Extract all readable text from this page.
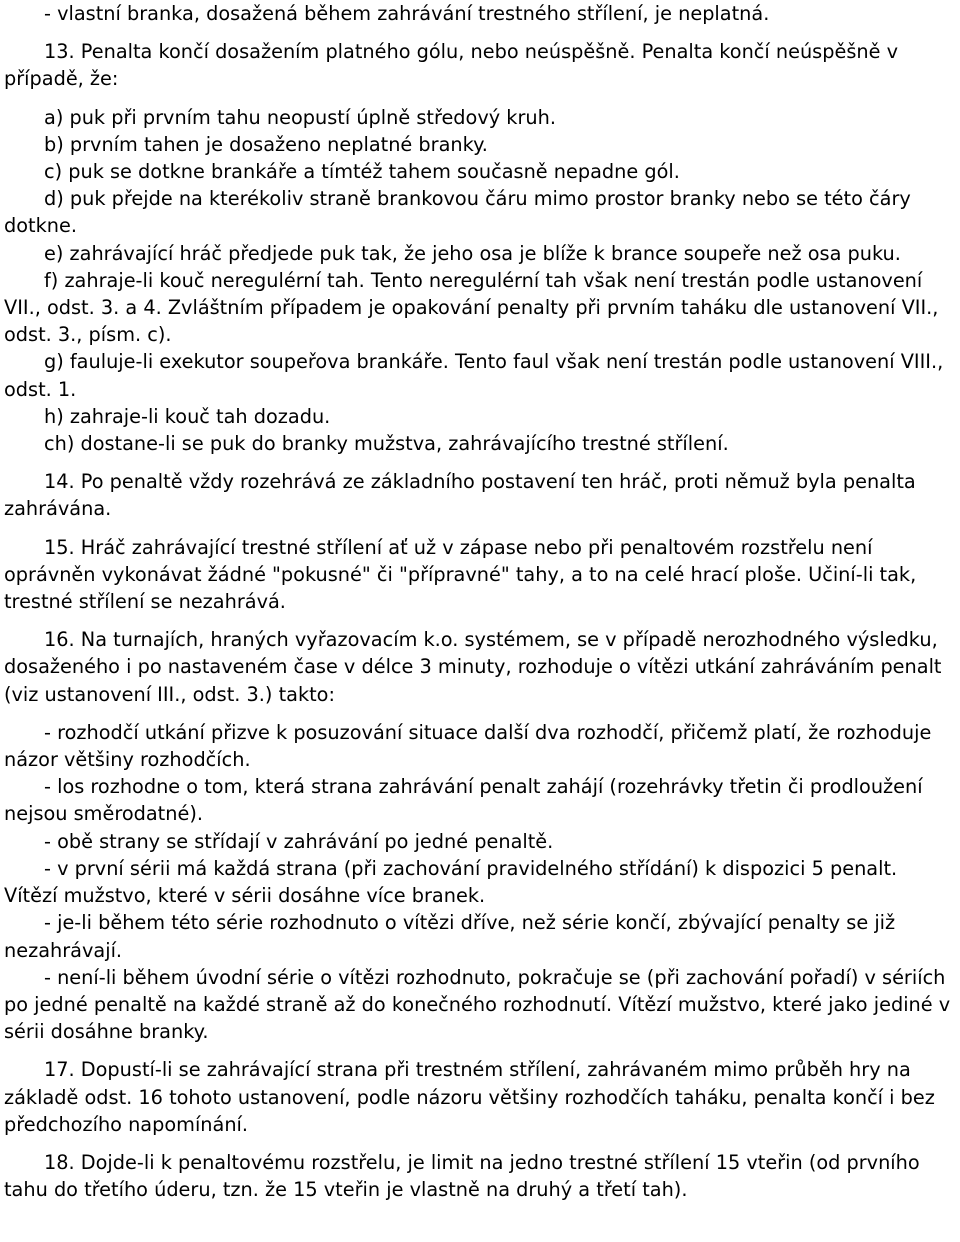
- vlastní branka, dosažená během zahrávání trestného střílení, je neplatná.

13. Penalta končí dosažením platného gólu, nebo neúspěšně. Penalta končí neúspěšně v případě, že:

a) puk při prvním tahu neopustí úplně středový kruh.

b) prvním tahen je dosaženo neplatné branky.

c) puk se dotkne brankáře a tímtéž tahem současně nepadne gól.

d) puk přejde na kterékoliv straně brankovou čáru mimo prostor branky nebo se této čáry dotkne.

e) zahrávající hráč předjede puk tak, že jeho osa je blíže k brance soupeře než osa puku.

f) zahraje-li kouč neregulérní tah. Tento neregulérní tah však není trestán podle ustanovení VII., odst. 3. a 4. Zvláštním případem je opakování penalty při prvním taháku dle ustanovení VII., odst. 3., písm. c).

g) fauluje-li exekutor soupeřova brankáře. Tento faul však není trestán podle ustanovení VIII., odst. 1.

h) zahraje-li kouč tah dozadu.

ch) dostane-li se puk do branky mužstva, zahrávajícího trestné střílení.

14. Po penaltě vždy rozehrává ze základního postavení ten hráč, proti němuž byla penalta zahrávána.

15. Hráč zahrávající trestné střílení ať už v zápase nebo při penaltovém rozstřelu není oprávněn vykonávat žádné "pokusné" či "přípravné" tahy, a to na celé hrací ploše. Učiní-li tak, trestné střílení se nezahrává.

16. Na turnajích, hraných vyřazovacím k.o. systémem, se v případě nerozhodného výsledku, dosaženého i po nastaveném čase v délce 3 minuty, rozhoduje o vítězi utkání zahráváním penalt (viz ustanovení III., odst. 3.) takto:

- rozhodčí utkání přizve k posuzování situace další dva rozhodčí, přičemž platí, že rozhoduje názor většiny rozhodčích.

- los rozhodne o tom, která strana zahrávání penalt zahájí (rozehrávky třetin či prodloužení nejsou směrodatné).

- obě strany se střídají v zahrávání po jedné penaltě.

- v první sérii má každá strana (při zachování pravidelného střídání) k dispozici 5 penalt. Vítězí mužstvo, které v sérii dosáhne více branek.

- je-li během této série rozhodnuto o vítězi dříve, než série končí, zbývající penalty se již nezahrávají.

- není-li během úvodní série o vítězi rozhodnuto, pokračuje se (při zachování pořadí) v sériích po jedné penaltě na každé straně až do konečného rozhodnutí. Vítězí mužstvo, které jako jediné v sérii dosáhne branky.

17. Dopustí-li se zahrávající strana při trestném střílení, zahrávaném mimo průběh hry na základě odst. 16 tohoto ustanovení, podle názoru většiny rozhodčích taháku, penalta končí i bez předchozího napomínání.

18. Dojde-li k penaltovému rozstřelu, je limit na jedno trestné střílení 15 vteřin (od prvního tahu do třetího úderu, tzn. že 15 vteřin je vlastně na druhý a třetí tah).
